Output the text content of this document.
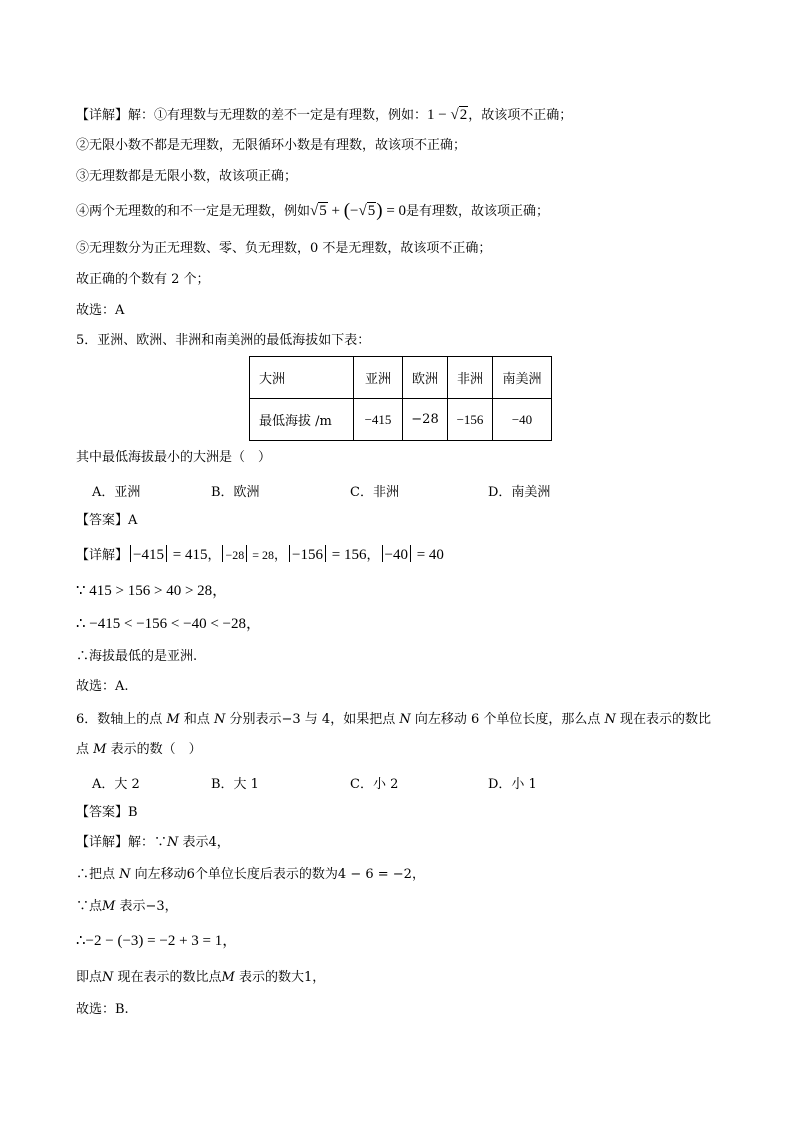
【详解】解：①有理数与无理数的差不一定是有理数，例如：1 − √2，故该项不正确；
②无限小数不都是无理数，无限循环小数是有理数，故该项不正确；
③无理数都是无限小数，故该项正确；
④两个无理数的和不一定是无理数，例如√5 + (−√5) = 0是有理数，故该项正确；
⑤无理数分为正无理数、零、负无理数，0 不是无理数，故该项不正确；
故正确的个数有 2 个；
故选：A
5．亚洲、欧洲、非洲和南美洲的最低海拔如下表：
大洲	亚洲	欧洲	非洲	南美洲
最低海拔 /m	−415	−28	−156	−40
其中最低海拔最小的大洲是（　）
A．亚洲	B．欧洲	C．非洲	D．南美洲
【答案】A
【详解】 −415 = 415， −28 = 28， −156 = 156， −40 = 40
∵ 415 > 156 > 40 > 28，
∴ −415 < −156 < −40 < −28，
∴海拔最低的是亚洲.
故选：A.
6．数轴上的点 M 和点 N 分别表示−3 与 4，如果把点 N 向左移动 6 个单位长度，那么点 N 现在表示的数比
点 M 表示的数（　）
A．大 2	B．大 1	C．小 2	D．小 1
【答案】B
【详解】解：∵N 表示4，
∴把点 N 向左移动6个单位长度后表示的数为4 − 6 = −2，
∵点M 表示−3，
∴−2 − (−3) = −2 + 3 = 1，
即点N 现在表示的数比点M 表示的数大1，
故选：B.
